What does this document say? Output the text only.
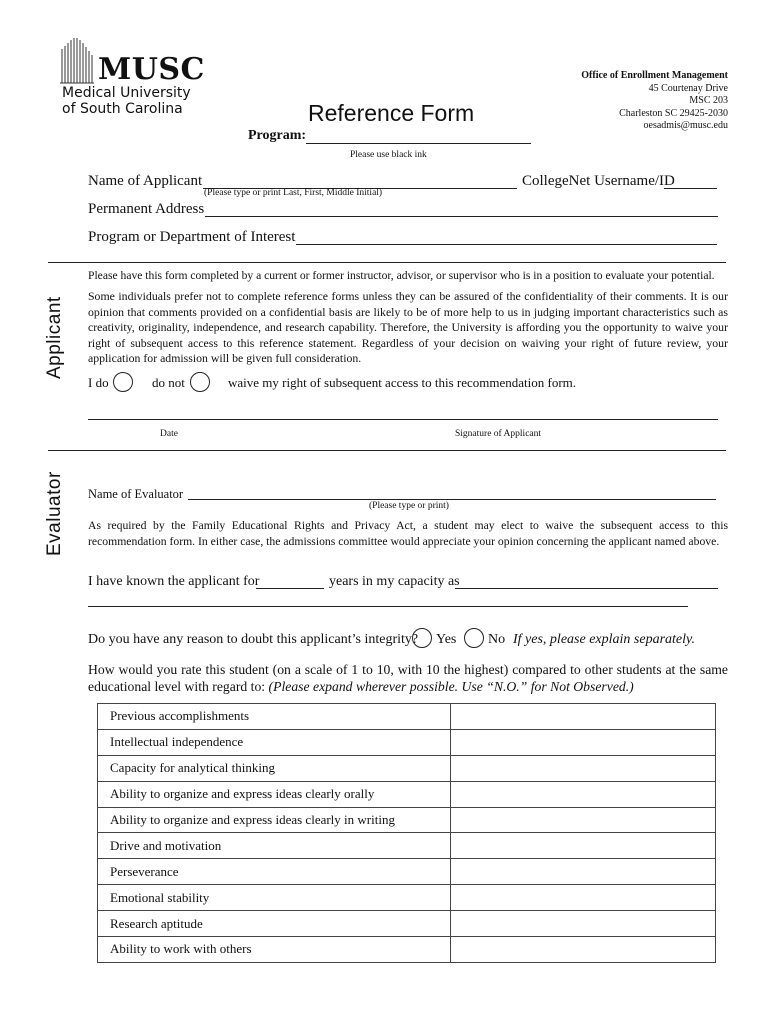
MUSC
Medical University
of South Carolina	Reference Form
Office of Enrollment Management
45 Courtenay Drive
MSC 203
Charleston SC 29425-2030
oesadmis@musc.edu
Program:
Please use black ink
Name of Applicant
(Please type or print Last, First, Middle Initial)
CollegeNet Username/ID
Permanent Address
Program or Department of Interest
Applicant
Please have this form completed by a current or former instructor, advisor, or supervisor who is in a position to evaluate your potential.
Some individuals prefer not to complete reference forms unless they can be assured of the confidentiality of their comments. It is our opinion that comments provided on a confidential basis are likely to be of more help to us in judging important characteristics such as creativity, originality, independence, and research capability. Therefore, the University is affording you the opportunity to waive your right of subsequent access to this reference statement. Regardless of your decision on waiving your right of future review, your application for admission will be given full consideration.
I do	do not	waive my right of subsequent access to this recommendation form.
Date	Signature of Applicant
Evaluator Name of Evaluator
(Please type or print)
As required by the Family Educational Rights and Privacy Act, a student may elect to waive the subsequent access to this recommendation form. In either case, the admissions committee would appreciate your opinion concerning the applicant named above.
I have known the applicant for	years in my capacity as
Do you have any reason to doubt this applicant’s integrity? Yes No If yes, please explain separately.
How would you rate this student (on a scale of 1 to 10, with 10 the highest) compared to other students at the same educational level with regard to: (Please expand wherever possible. Use “N.O.” for Not Observed.)
Previous accomplishments	
Intellectual independence	
Capacity for analytical thinking	
Ability to organize and express ideas clearly orally	
Ability to organize and express ideas clearly in writing	
Drive and motivation	
Perseverance	
Emotional stability	
Research aptitude	
Ability to work with others	
